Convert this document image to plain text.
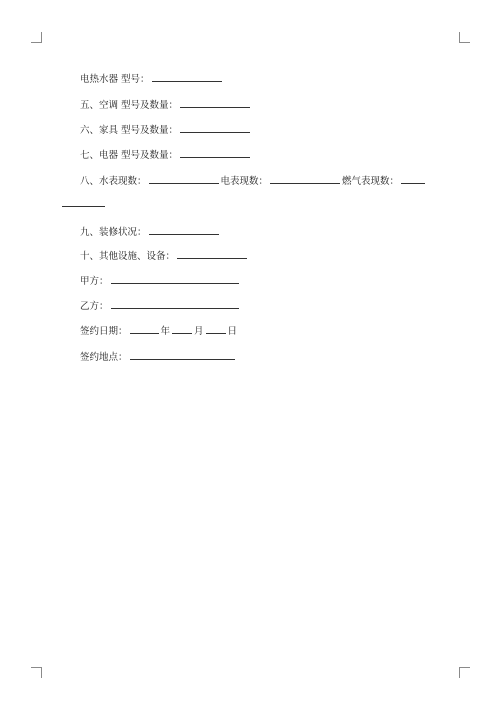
电热水器 型号：
五、空调 型号及数量：
六、家具 型号及数量：
七、电器 型号及数量：
八、水表现数：	电表现数：	燃气表现数：
九、装修状况：
十、其他设施、设备：
甲方：
乙方：
签约日期：	年	月	日
签约地点：
